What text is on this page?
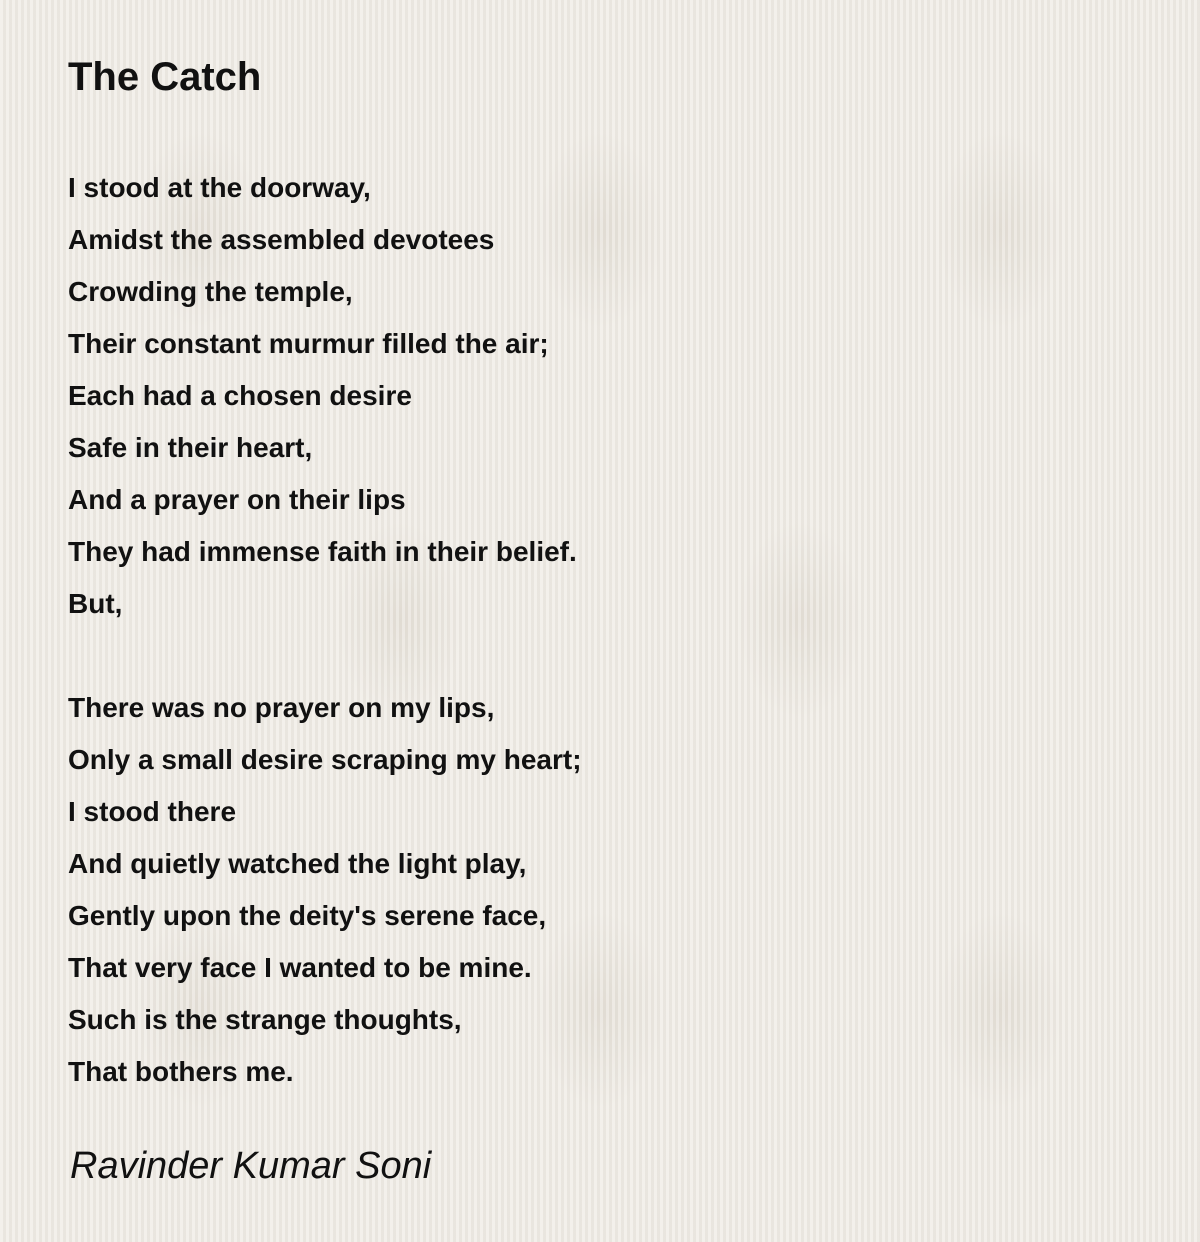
The Catch
I stood at the doorway,
Amidst the assembled devotees
Crowding the temple,
Their constant murmur filled the air;
Each had a chosen desire
Safe in their heart,
And a prayer on their lips
They had immense faith in their belief.
But,
There was no prayer on my lips,
Only a small desire scraping my heart;
I stood there
And quietly watched the light play,
Gently upon the deity's serene face,
That very face I wanted to be mine.
Such is the strange thoughts,
That bothers me.
Ravinder Kumar Soni
